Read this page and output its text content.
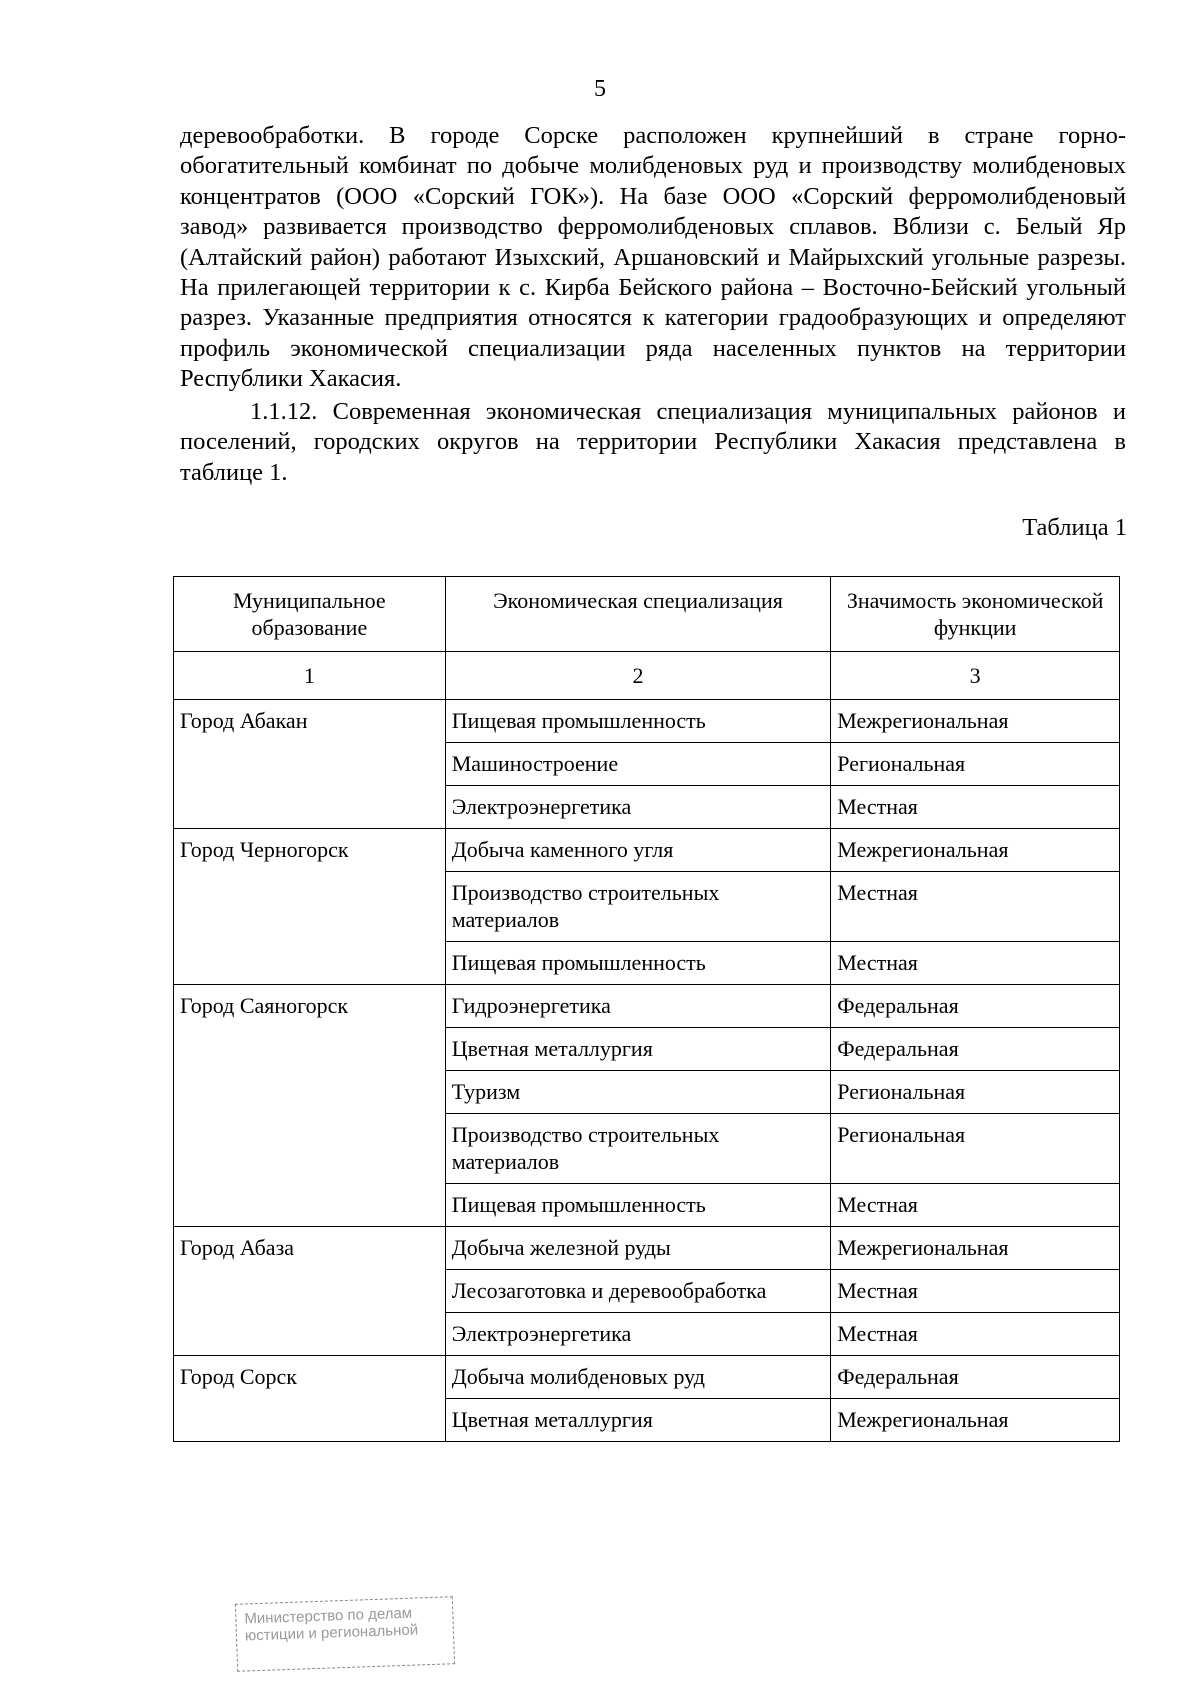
5

деревообработки. В городе Сорске расположен крупнейший в стране горно-обогатительный комбинат по добыче молибденовых руд и производству молибденовых концентратов (ООО «Сорский ГОК»). На базе ООО «Сорский ферромолибденовый завод» развивается производство ферромолибденовых сплавов. Вблизи с. Белый Яр (Алтайский район) работают Изыхский, Аршановский и Майрыхский угольные разрезы. На прилегающей территории к с. Кирба Бейского района – Восточно-Бейский угольный разрез. Указанные предприятия относятся к категории градообразующих и определяют профиль экономической специализации ряда населенных пунктов на территории Республики Хакасия.

1.1.12. Современная экономическая специализация муниципальных районов и поселений, городских округов на территории Республики Хакасия представлена в таблице 1.

Таблица 1
Муниципальное образование	Экономическая специализация	Значимость экономической функции
1	2	3
Город Абакан	Пищевая промышленность	Межрегиональная
	Машиностроение	Региональная
	Электроэнергетика	Местная
Город Черногорск	Добыча каменного угля	Межрегиональная
	Производство строительных материалов	Местная
	Пищевая промышленность	Местная
Город Саяногорск	Гидроэнергетика	Федеральная
	Цветная металлургия	Федеральная
	Туризм	Региональная
	Производство строительных материалов	Региональная
	Пищевая промышленность	Местная
Город Абаза	Добыча железной руды	Межрегиональная
	Лесозаготовка и деревообработка	Местная
	Электроэнергетика	Местная
Город Сорск	Добыча молибденовых руд	Федеральная
	Цветная металлургия	Межрегиональная
Министерство по делам
юстиции и региональной
